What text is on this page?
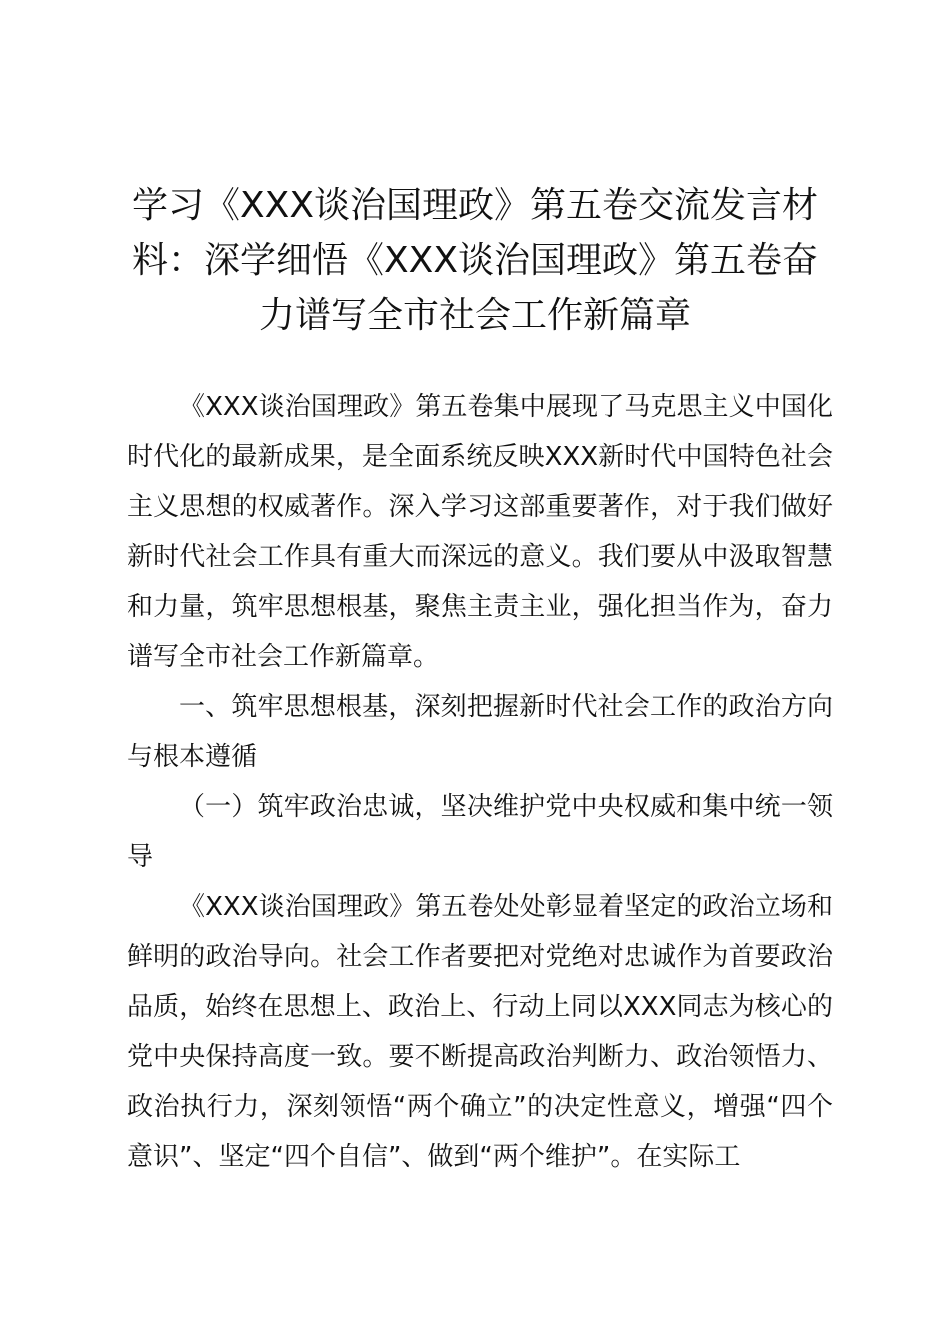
学习《XXX谈治国理政》第五卷交流发言材料：深学细悟《XXX谈治国理政》第五卷奋力谱写全市社会工作新篇章

《XXX谈治国理政》第五卷集中展现了马克思主义中国化时代化的最新成果，是全面系统反映XXX新时代中国特色社会主义思想的权威著作。深入学习这部重要著作，对于我们做好新时代社会工作具有重大而深远的意义。我们要从中汲取智慧和力量，筑牢思想根基，聚焦主责主业，强化担当作为，奋力谱写全市社会工作新篇章。

一、筑牢思想根基，深刻把握新时代社会工作的政治方向与根本遵循

（一）筑牢政治忠诚，坚决维护党中央权威和集中统一领导

《XXX谈治国理政》第五卷处处彰显着坚定的政治立场和鲜明的政治导向。社会工作者要把对党绝对忠诚作为首要政治品质，始终在思想上、政治上、行动上同以XXX同志为核心的党中央保持高度一致。要不断提高政治判断力、政治领悟力、政治执行力，深刻领悟“两个确立”的决定性意义，增强“四个意识”、坚定“四个自信”、做到“两个维护”。在实际工
